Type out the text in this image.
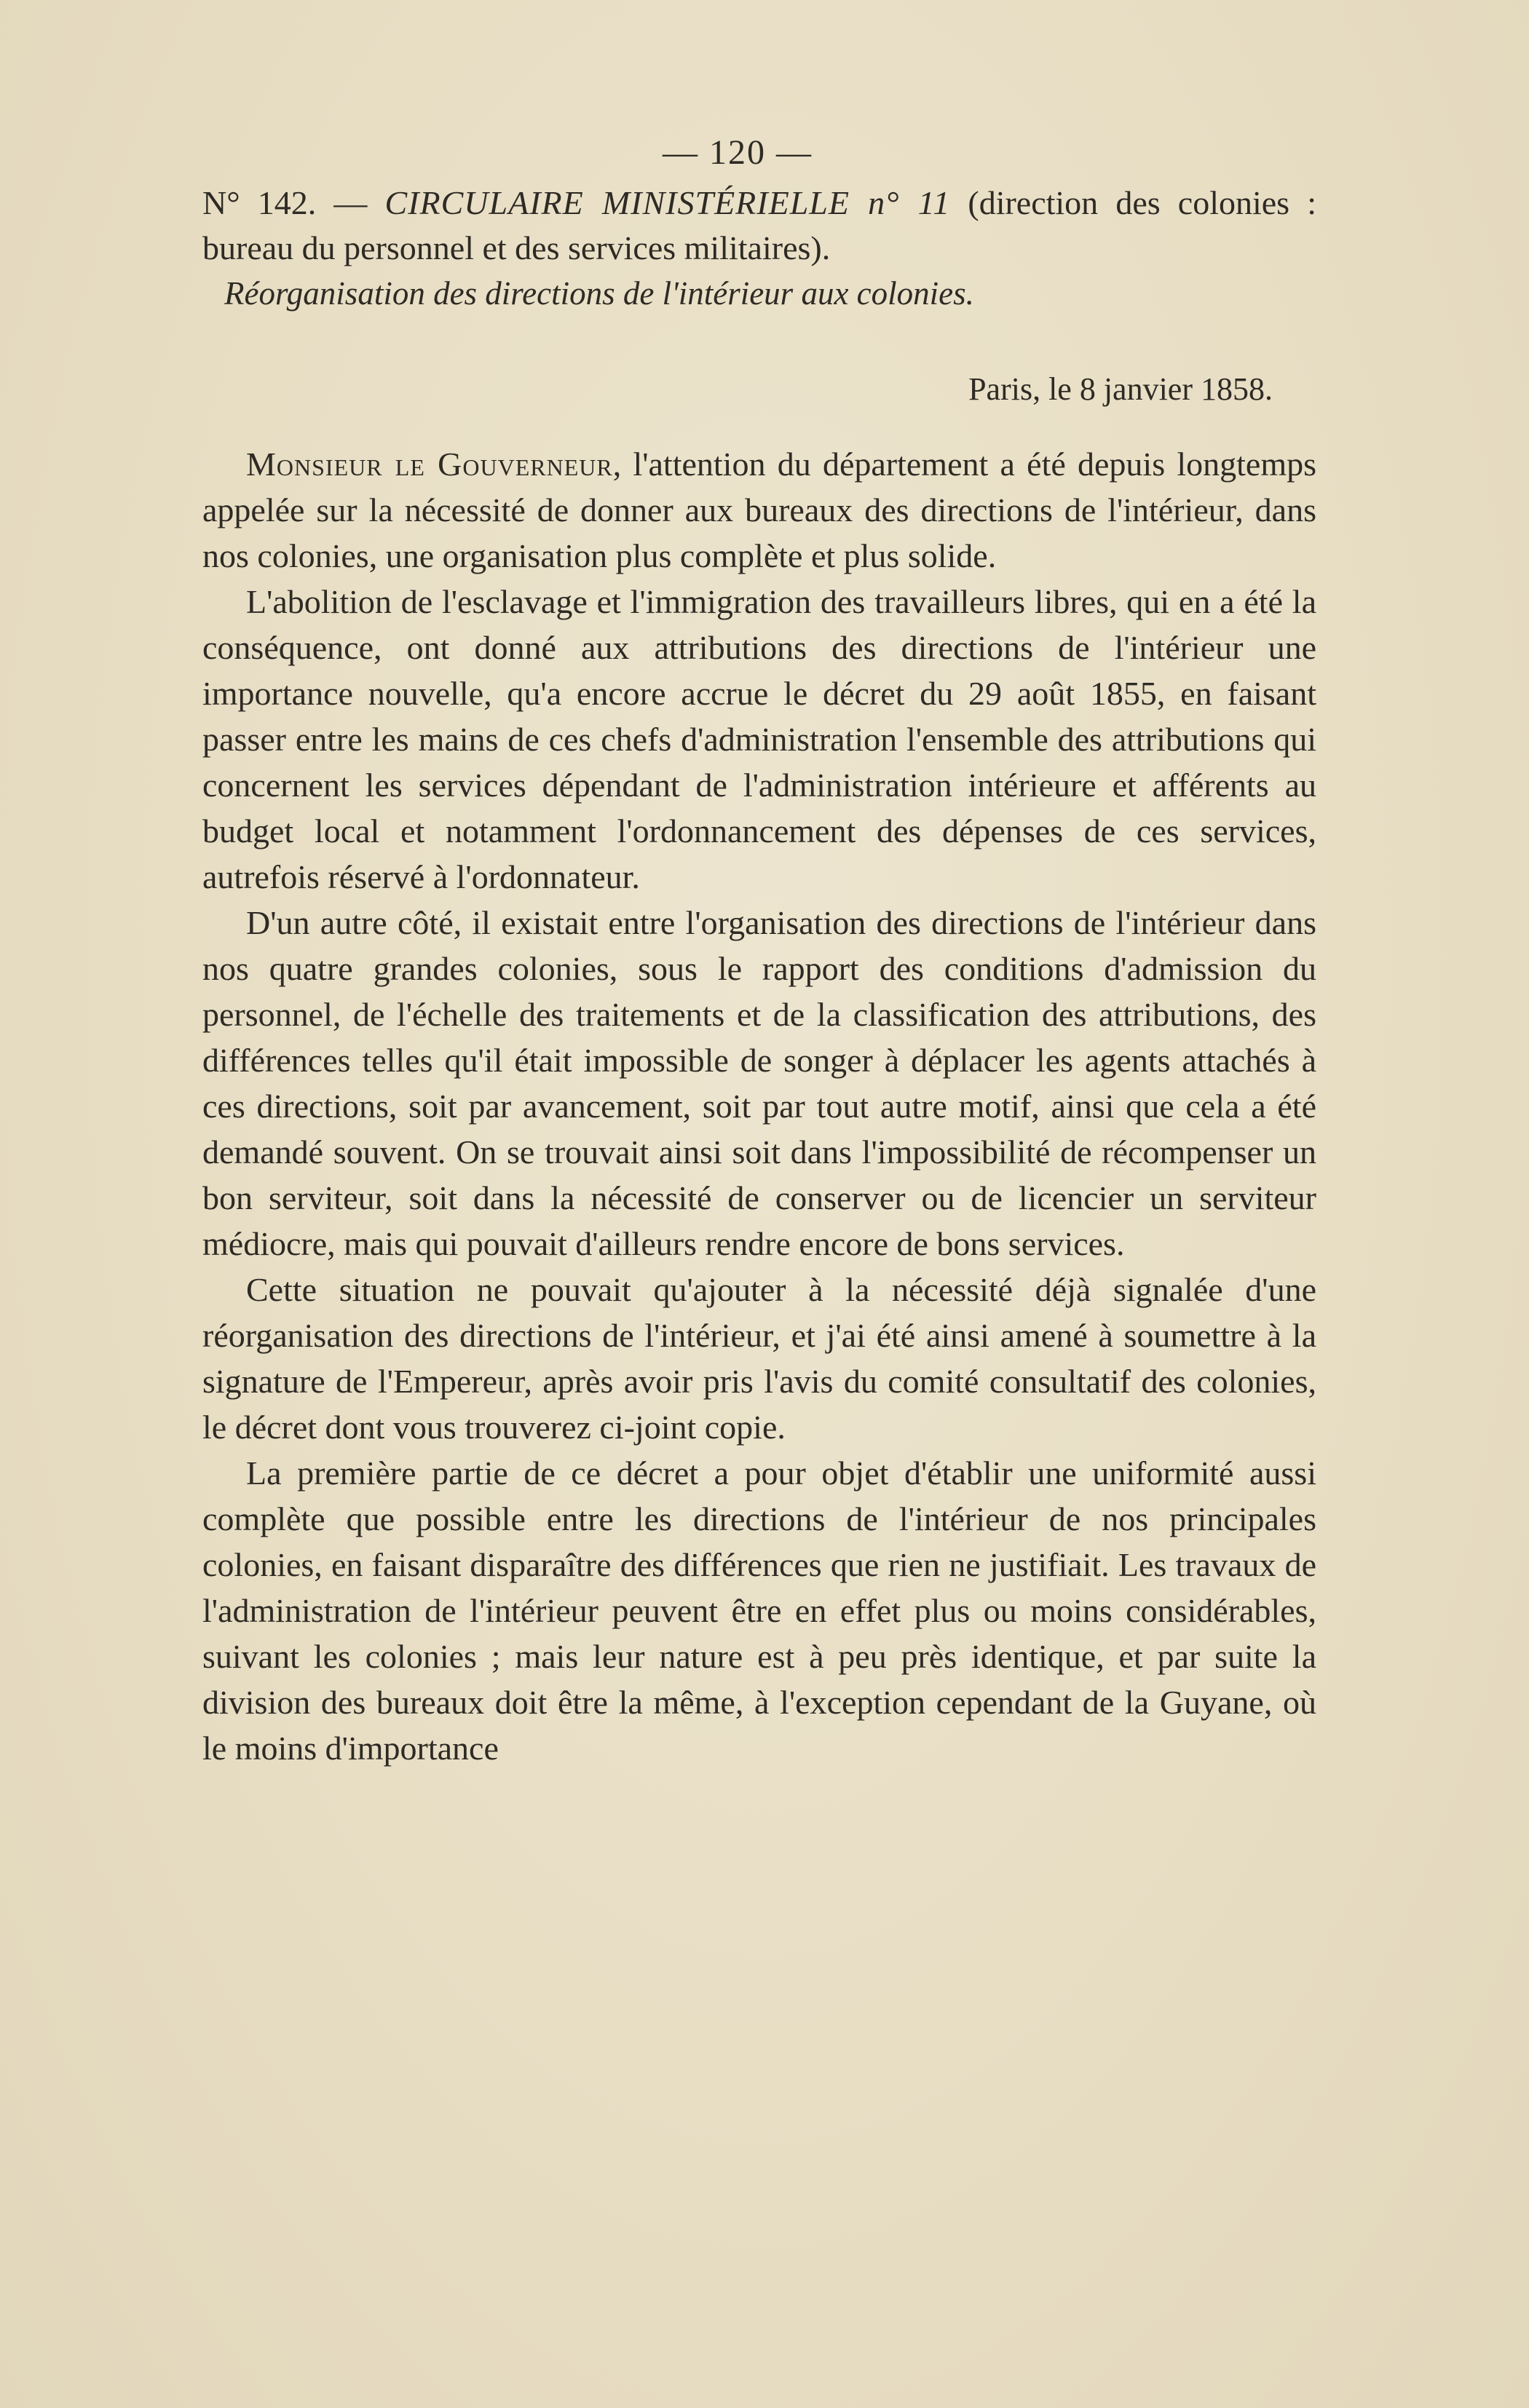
— 120 —

N° 142. — CIRCULAIRE MINISTÉRIELLE n° 11 (direction des colonies : bureau du personnel et des services militaires).

Réorganisation des directions de l'intérieur aux colonies.

Paris, le 8 janvier 1858.

Monsieur le Gouverneur, l'attention du département a été depuis longtemps appelée sur la nécessité de donner aux bureaux des directions de l'intérieur, dans nos colonies, une organisation plus complète et plus solide.

L'abolition de l'esclavage et l'immigration des travailleurs libres, qui en a été la conséquence, ont donné aux attributions des directions de l'intérieur une importance nouvelle, qu'a encore accrue le décret du 29 août 1855, en faisant passer entre les mains de ces chefs d'administration l'ensemble des attributions qui concernent les services dépendant de l'administration intérieure et afférents au budget local et notamment l'ordonnancement des dépenses de ces services, autrefois réservé à l'ordonnateur.

D'un autre côté, il existait entre l'organisation des directions de l'intérieur dans nos quatre grandes colonies, sous le rapport des conditions d'admission du personnel, de l'échelle des traitements et de la classification des attributions, des différences telles qu'il était impossible de songer à déplacer les agents attachés à ces directions, soit par avancement, soit par tout autre motif, ainsi que cela a été demandé souvent. On se trouvait ainsi soit dans l'impossibilité de récompenser un bon serviteur, soit dans la nécessité de conserver ou de licencier un serviteur médiocre, mais qui pouvait d'ailleurs rendre encore de bons services.

Cette situation ne pouvait qu'ajouter à la nécessité déjà signalée d'une réorganisation des directions de l'intérieur, et j'ai été ainsi amené à soumettre à la signature de l'Empereur, après avoir pris l'avis du comité consultatif des colonies, le décret dont vous trouverez ci-joint copie.

La première partie de ce décret a pour objet d'établir une uniformité aussi complète que possible entre les directions de l'intérieur de nos principales colonies, en faisant disparaître des différences que rien ne justifiait. Les travaux de l'administration de l'intérieur peuvent être en effet plus ou moins considérables, suivant les colonies ; mais leur nature est à peu près identique, et par suite la division des bureaux doit être la même, à l'exception cependant de la Guyane, où le moins d'importance
